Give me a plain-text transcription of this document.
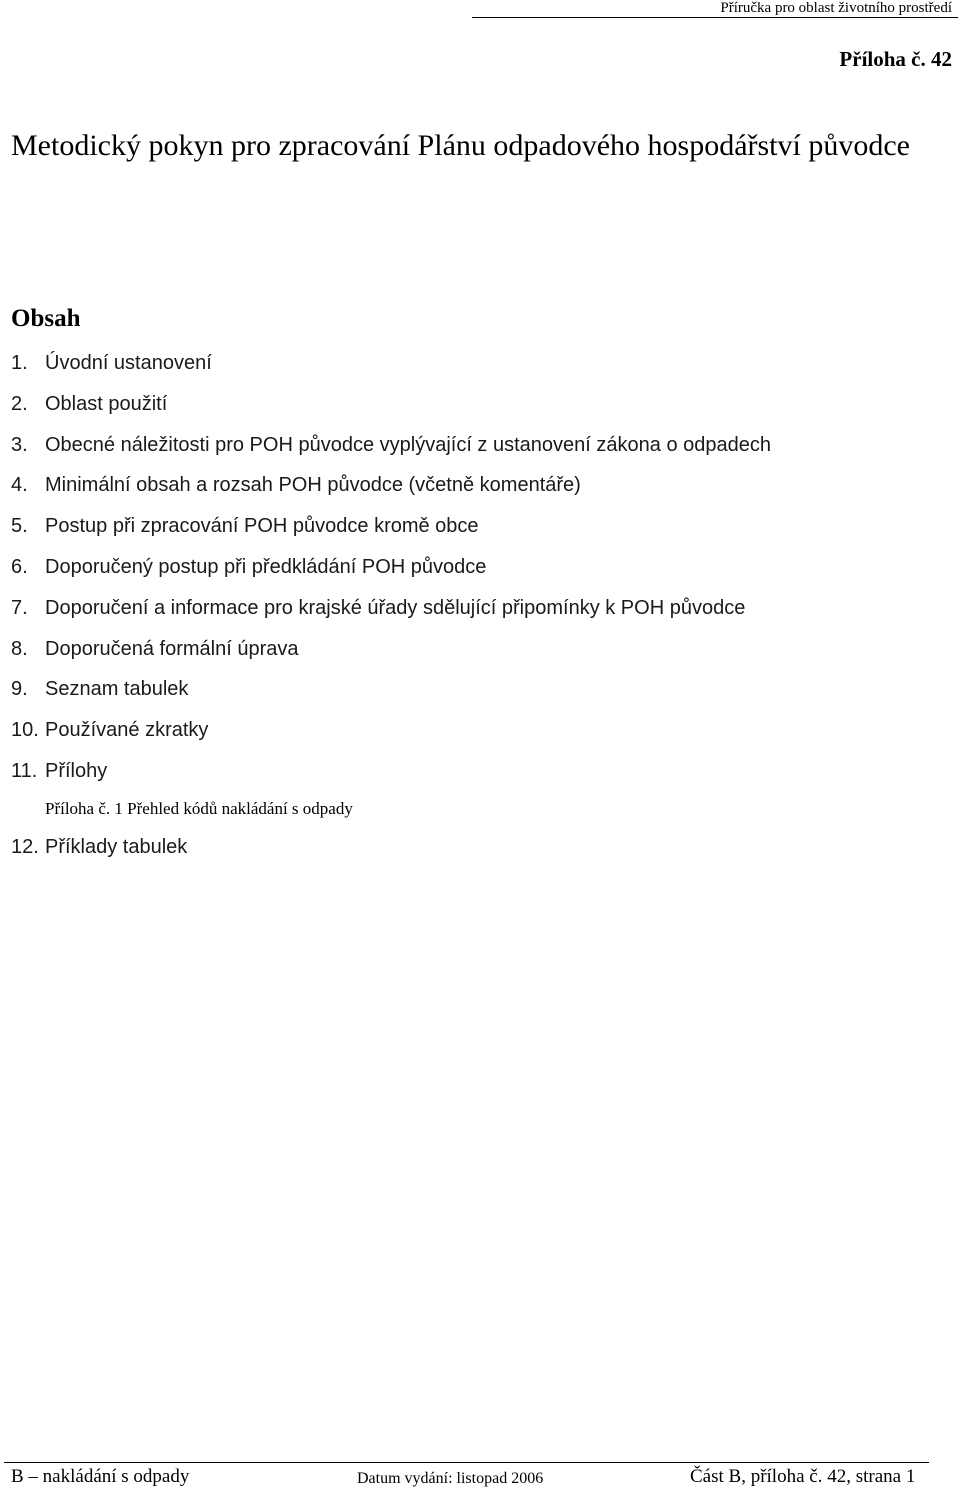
Příručka pro oblast životního prostředí
Příloha č. 42
Metodický pokyn pro zpracování Plánu odpadového hospodářství původce
Obsah
1. Úvodní ustanovení
2. Oblast použití
3. Obecné náležitosti pro POH původce vyplývající z ustanovení zákona o odpadech
4. Minimální obsah a rozsah POH původce (včetně komentáře)
5. Postup při zpracování POH původce kromě obce
6. Doporučený postup při předkládání POH původce
7. Doporučení a informace pro krajské úřady sdělující připomínky k POH původce
8. Doporučená formální úprava
9. Seznam tabulek
10. Používané zkratky
11. Přílohy
Příloha č. 1 Přehled kódů nakládání s odpady
12. Příklady tabulek
B – nakládání s odpady	Datum vydání: listopad 2006	Část B, příloha č. 42, strana 1
